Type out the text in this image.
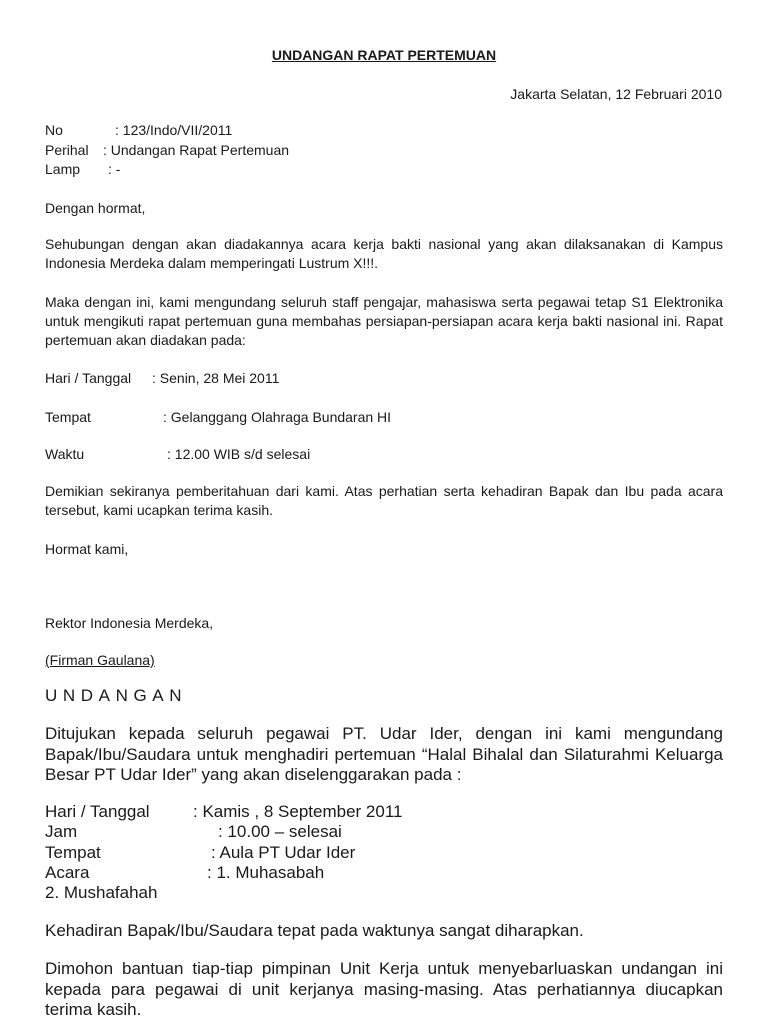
UNDANGAN RAPAT PERTEMUAN
Jakarta Selatan, 12 Februari 2010
No	: 123/Indo/VII/2011
Perihal : Undangan Rapat Pertemuan
Lamp : -
Dengan hormat,
Sehubungan dengan akan diadakannya acara kerja bakti nasional yang akan dilaksanakan di Kampus Indonesia Merdeka dalam memperingati Lustrum X!!!.
Maka dengan ini, kami mengundang seluruh staff pengajar, mahasiswa serta pegawai tetap S1 Elektronika untuk mengikuti rapat pertemuan guna membahas persiapan-persiapan acara kerja bakti nasional ini. Rapat pertemuan akan diadakan pada:
Hari / Tanggal : Senin, 28 Mei 2011
Tempat	: Gelanggang Olahraga Bundaran HI
Waktu	: 12.00 WIB s/d selesai
Demikian sekiranya pemberitahuan dari kami. Atas perhatian serta kehadiran Bapak dan Ibu pada acara tersebut, kami ucapkan terima kasih.
Hormat kami,
Rektor Indonesia Merdeka,
(Firman Gaulana)
UNDANGAN
Ditujukan kepada seluruh pegawai PT. Udar Ider, dengan ini kami mengundang Bapak/Ibu/Saudara untuk menghadiri pertemuan “Halal Bihalal dan Silaturahmi Keluarga Besar PT Udar Ider” yang akan diselenggarakan pada :
Hari / Tanggal	: Kamis , 8 September 2011
Jam	: 10.00 – selesai
Tempat	: Aula PT Udar Ider
Acara	: 1. Muhasabah
2. Mushafahah
Kehadiran Bapak/Ibu/Saudara tepat pada waktunya sangat diharapkan.
Dimohon bantuan tiap-tiap pimpinan Unit Kerja untuk menyebarluaskan undangan ini kepada para pegawai di unit kerjanya masing-masing. Atas perhatiannya diucapkan terima kasih.
